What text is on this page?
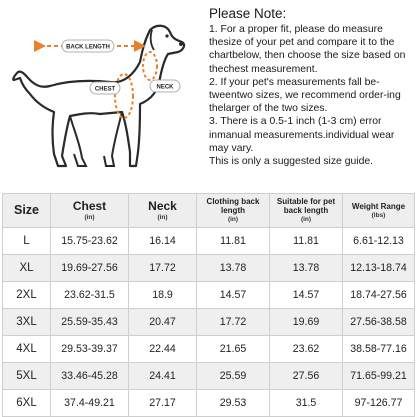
BACK LENGTH
NECK
CHEST
Please Note:

1. For a proper fit, please do measure thesize of your pet and compare it to the chartbelow, then choose the size based on thechest measurement.

2. If your pet's measurements fall be-tweentwo sizes, we recommend order-ing thelarger of the two sizes.

3. There is a 0.5-1 inch (1-3 cm) error inmanual measurements.individual wear may vary.

This is only a suggested size guide.

Size	Chest
(in)	Neck
(in)	Clothing back length
(in)	Suitable for pet back length
(in)	Weight Range
(lbs)

L	15.75-23.62	16.14	11.81	11.81	6.61-12.13
XL	19.69-27.56	17.72	13.78	13.78	12.13-18.74
2XL	23.62-31.5	18.9	14.57	14.57	18.74-27.56
3XL	25.59-35.43	20.47	17.72	19.69	27.56-38.58
4XL	29.53-39.37	22.44	21.65	23.62	38.58-77.16
5XL	33.46-45.28	24.41	25.59	27.56	71.65-99.21
6XL	37.4-49.21	27.17	29.53	31.5	97-126.77
